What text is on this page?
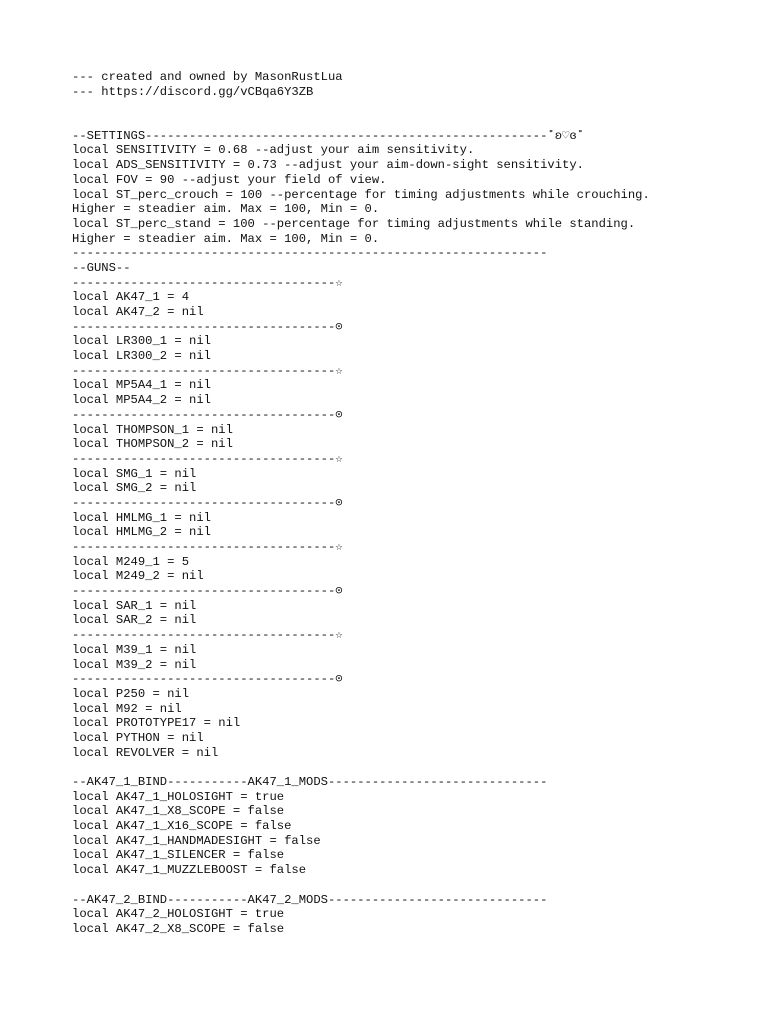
--- created and owned by MasonRustLua
--- https://discord.gg/vCBqa6Y3ZB
--SETTINGS-------------------------------------------------------˚ʚ♡ɞ˚
local SENSITIVITY = 0.68 --adjust your aim sensitivity.
local ADS_SENSITIVITY = 0.73 --adjust your aim-down-sight sensitivity.
local FOV = 90 --adjust your field of view.
local ST_perc_crouch = 100 --percentage for timing adjustments while crouching.
Higher = steadier aim. Max = 100, Min = 0.
local ST_perc_stand = 100 --percentage for timing adjustments while standing.
Higher = steadier aim. Max = 100, Min = 0.
-----------------------------------------------------------------
--GUNS--
------------------------------------☆
local AK47_1 = 4
local AK47_2 = nil
------------------------------------⊙
local LR300_1 = nil
local LR300_2 = nil
------------------------------------☆
local MP5A4_1 = nil
local MP5A4_2 = nil
------------------------------------⊙
local THOMPSON_1 = nil
local THOMPSON_2 = nil
------------------------------------☆
local SMG_1 = nil
local SMG_2 = nil
------------------------------------⊙
local HMLMG_1 = nil
local HMLMG_2 = nil
------------------------------------☆
local M249_1 = 5
local M249_2 = nil
------------------------------------⊙
local SAR_1 = nil
local SAR_2 = nil
------------------------------------☆
local M39_1 = nil
local M39_2 = nil
------------------------------------⊙
local P250 = nil
local M92 = nil
local PROTOTYPE17 = nil
local PYTHON = nil
local REVOLVER = nil
--AK47_1_BIND-----------AK47_1_MODS------------------------------
local AK47_1_HOLOSIGHT = true
local AK47_1_X8_SCOPE = false
local AK47_1_X16_SCOPE = false
local AK47_1_HANDMADESIGHT = false
local AK47_1_SILENCER = false
local AK47_1_MUZZLEBOOST = false
--AK47_2_BIND-----------AK47_2_MODS------------------------------
local AK47_2_HOLOSIGHT = true
local AK47_2_X8_SCOPE = false
